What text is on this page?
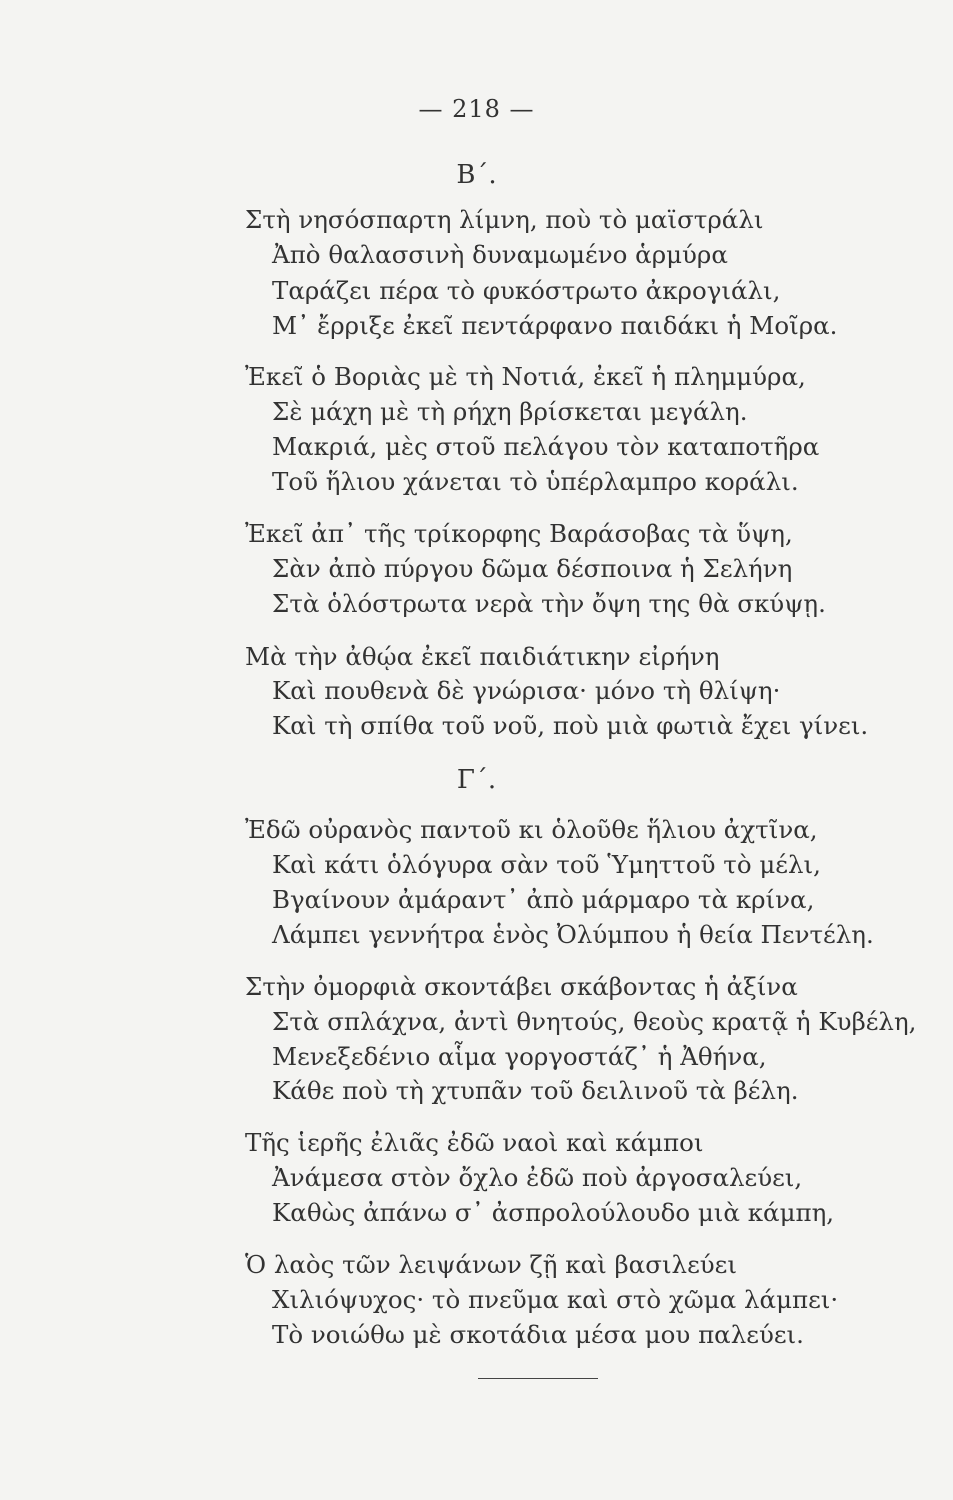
— 218 —
Β΄.
Στὴ νησόσπαρτη λίμνη, ποὺ τὸ μαϊστράλι
Ἀπὸ θαλασσινὴ δυναμωμένο ἁρμύρα
Ταράζει πέρα τὸ φυκόστρωτο ἀκρογιάλι,
Μ᾽ ἔρριξε ἐκεῖ πεντάρφανο παιδάκι ἡ Μοῖρα.
Ἐκεῖ ὁ Βοριὰς μὲ τὴ Νοτιά, ἐκεῖ ἡ πλημμύρα,
Σὲ μάχη μὲ τὴ ρήχη βρίσκεται μεγάλη.
Μακριά, μὲς στοῦ πελάγου τὸν καταποτῆρα
Τοῦ ἥλιου χάνεται τὸ ὑπέρλαμπρο κοράλι.
Ἐκεῖ ἀπ᾽ τῆς τρίκορφης Βαράσοβας τὰ ὕψη,
Σὰν ἀπὸ πύργου δῶμα δέσποινα ἡ Σελήνη
Στὰ ὁλόστρωτα νερὰ τὴν ὄψη της θὰ σκύψῃ.
Μὰ τὴν ἀθῴα ἐκεῖ παιδιάτικην εἰρήνη
Καὶ πουθενὰ δὲ γνώρισα· μόνο τὴ θλίψη·
Καὶ τὴ σπίθα τοῦ νοῦ, ποὺ μιὰ φωτιὰ ἔχει γίνει.
Γ΄.
Ἐδῶ οὐρανὸς παντοῦ κι ὁλοῦθε ἥλιου ἀχτῖνα,
Καὶ κάτι ὁλόγυρα σὰν τοῦ Ὑμηττοῦ τὸ μέλι,
Βγαίνουν ἀμάραντ᾽ ἀπὸ μάρμαρο τὰ κρίνα,
Λάμπει γεννήτρα ἑνὸς Ὀλύμπου ἡ θεία Πεντέλη.
Στὴν ὀμορφιὰ σκοντάβει σκάβοντας ἡ ἀξίνα
Στὰ σπλάχνα, ἀντὶ θνητούς, θεοὺς κρατᾷ ἡ Κυβέλη,
Μενεξεδένιο αἷμα γοργοστάζ᾽ ἡ Ἀθήνα,
Κάθε ποὺ τὴ χτυπᾶν τοῦ δειλινοῦ τὰ βέλη.
Τῆς ἱερῆς ἐλιᾶς ἐδῶ ναοὶ καὶ κάμποι
Ἀνάμεσα στὸν ὄχλο ἐδῶ ποὺ ἀργοσαλεύει,
Καθὼς ἀπάνω σ᾽ ἀσπρολούλουδο μιὰ κάμπη,
Ὁ λαὸς τῶν λειψάνων ζῇ καὶ βασιλεύει
Χιλιόψυχος· τὸ πνεῦμα καὶ στὸ χῶμα λάμπει·
Τὸ νοιώθω μὲ σκοτάδια μέσα μου παλεύει.
